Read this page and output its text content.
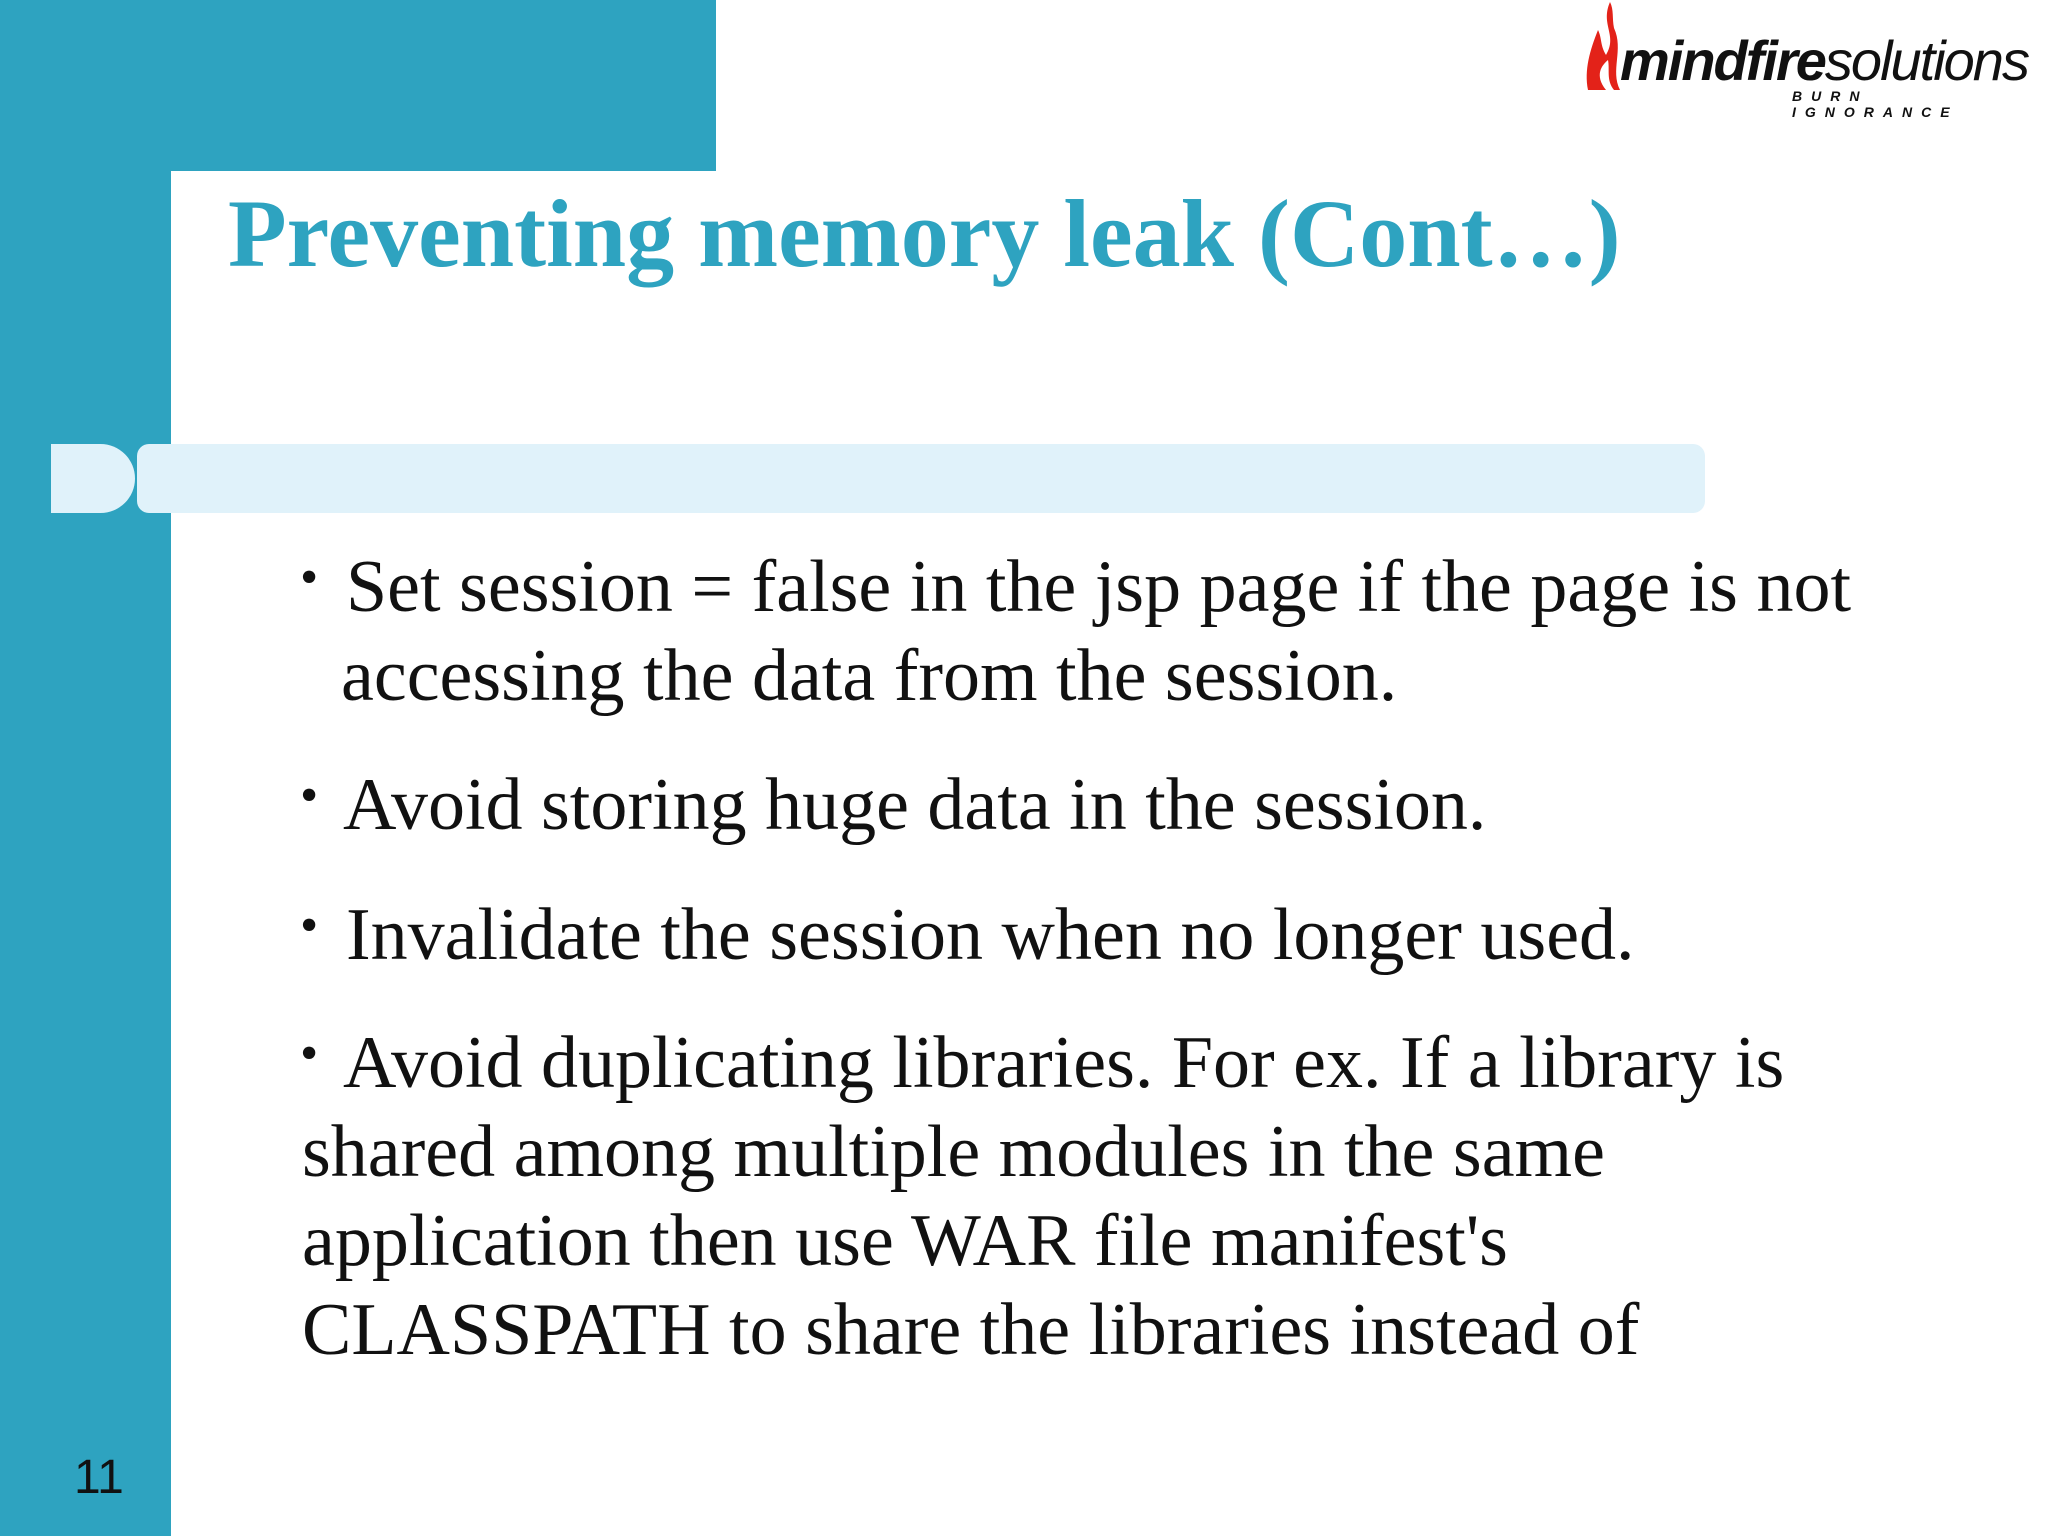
mindfiresolutions
BURN IGNORANCE
Preventing memory leak (Cont…)
• Set session = false in the jsp page if the page is not
accessing the data from the session.
• Avoid storing huge data in the session.
• Invalidate the session when no longer used.
• Avoid duplicating libraries. For ex. If a library is
shared among multiple modules in the same
application then use WAR file manifest's
CLASSPATH to share the libraries instead of
11
